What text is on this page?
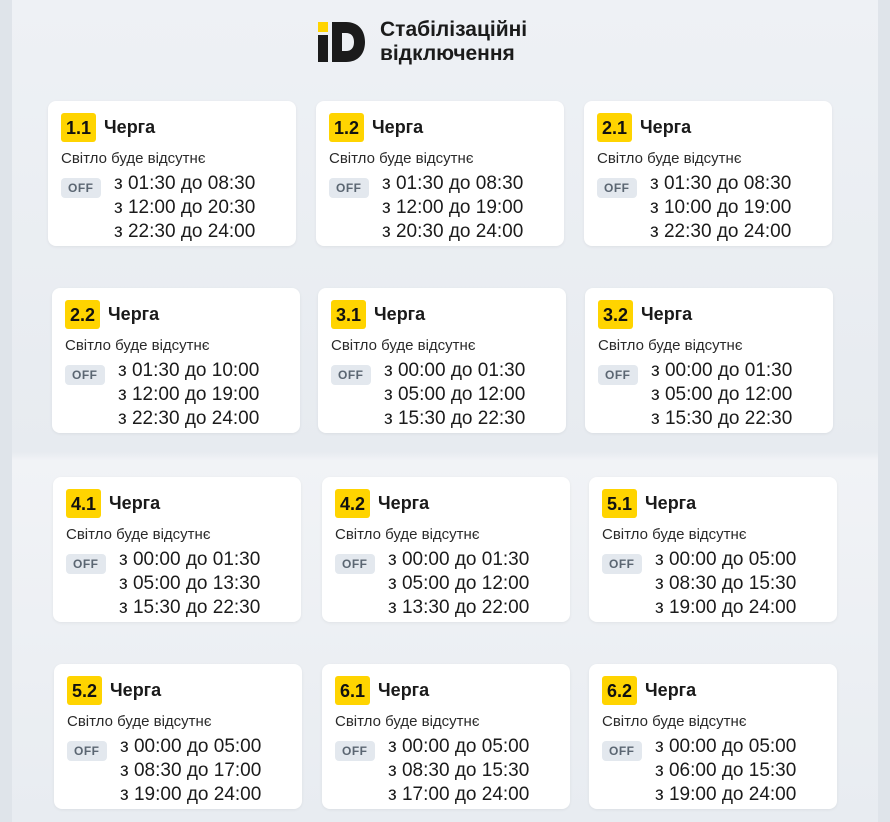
Стабілізаційні
відключення
1.1 Черга
Світло буде відсутнє
OFF	з 01:30 до 08:30
з 12:00 до 20:30
з 22:30 до 24:00
1.2 Черга
Світло буде відсутнє
OFF	з 01:30 до 08:30
з 12:00 до 19:00
з 20:30 до 24:00
2.1 Черга
Світло буде відсутнє
OFF	з 01:30 до 08:30
з 10:00 до 19:00
з 22:30 до 24:00
2.2 Черга
Світло буде відсутнє
OFF	з 01:30 до 10:00
з 12:00 до 19:00
з 22:30 до 24:00
3.1 Черга
Світло буде відсутнє
OFF	з 00:00 до 01:30
з 05:00 до 12:00
з 15:30 до 22:30
3.2 Черга
Світло буде відсутнє
OFF	з 00:00 до 01:30
з 05:00 до 12:00
з 15:30 до 22:30
4.1 Черга
Світло буде відсутнє
OFF	з 00:00 до 01:30
з 05:00 до 13:30
з 15:30 до 22:30
4.2 Черга
Світло буде відсутнє
OFF	з 00:00 до 01:30
з 05:00 до 12:00
з 13:30 до 22:00
5.1 Черга
Світло буде відсутнє
OFF	з 00:00 до 05:00
з 08:30 до 15:30
з 19:00 до 24:00
5.2 Черга
Світло буде відсутнє
OFF	з 00:00 до 05:00
з 08:30 до 17:00
з 19:00 до 24:00
6.1 Черга
Світло буде відсутнє
OFF	з 00:00 до 05:00
з 08:30 до 15:30
з 17:00 до 24:00
6.2 Черга
Світло буде відсутнє
OFF	з 00:00 до 05:00
з 06:00 до 15:30
з 19:00 до 24:00
